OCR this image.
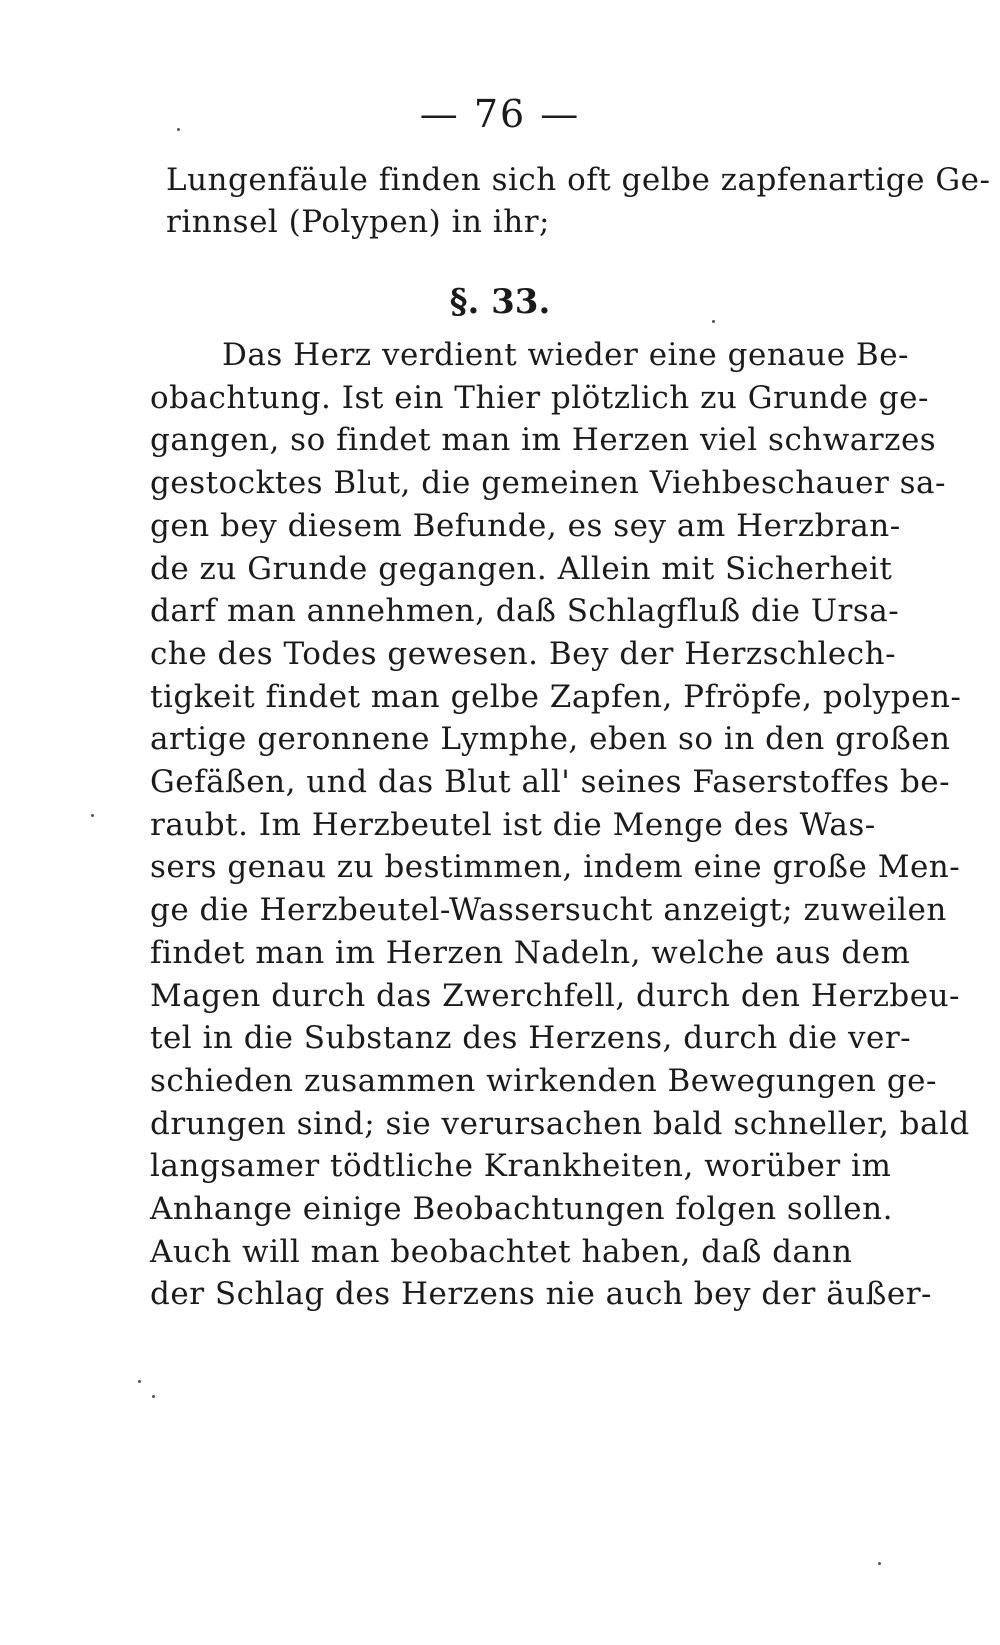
— 76 —
Lungenfäule finden sich oft gelbe zapfenartige Ge-
rinnsel (Polypen) in ihr;
§. 33.
Das Herz verdient wieder eine genaue Be-
obachtung. Ist ein Thier plötzlich zu Grunde ge-
gangen, so findet man im Herzen viel schwarzes
gestocktes Blut, die gemeinen Viehbeschauer sa-
gen bey diesem Befunde, es sey am Herzbran-
de zu Grunde gegangen. Allein mit Sicherheit
darf man annehmen, daß Schlagfluß die Ursa-
che des Todes gewesen. Bey der Herzschlech-
tigkeit findet man gelbe Zapfen, Pfröpfe, polypen-
artige geronnene Lymphe, eben so in den großen
Gefäßen, und das Blut all' seines Faserstoffes be-
raubt. Im Herzbeutel ist die Menge des Was-
sers genau zu bestimmen, indem eine große Men-
ge die Herzbeutel-Wassersucht anzeigt; zuweilen
findet man im Herzen Nadeln, welche aus dem
Magen durch das Zwerchfell, durch den Herzbeu-
tel in die Substanz des Herzens, durch die ver-
schieden zusammen wirkenden Bewegungen ge-
drungen sind; sie verursachen bald schneller, bald
langsamer tödtliche Krankheiten, worüber im
Anhange einige Beobachtungen folgen sollen.
Auch will man beobachtet haben, daß dann
der Schlag des Herzens nie auch bey der äußer-
